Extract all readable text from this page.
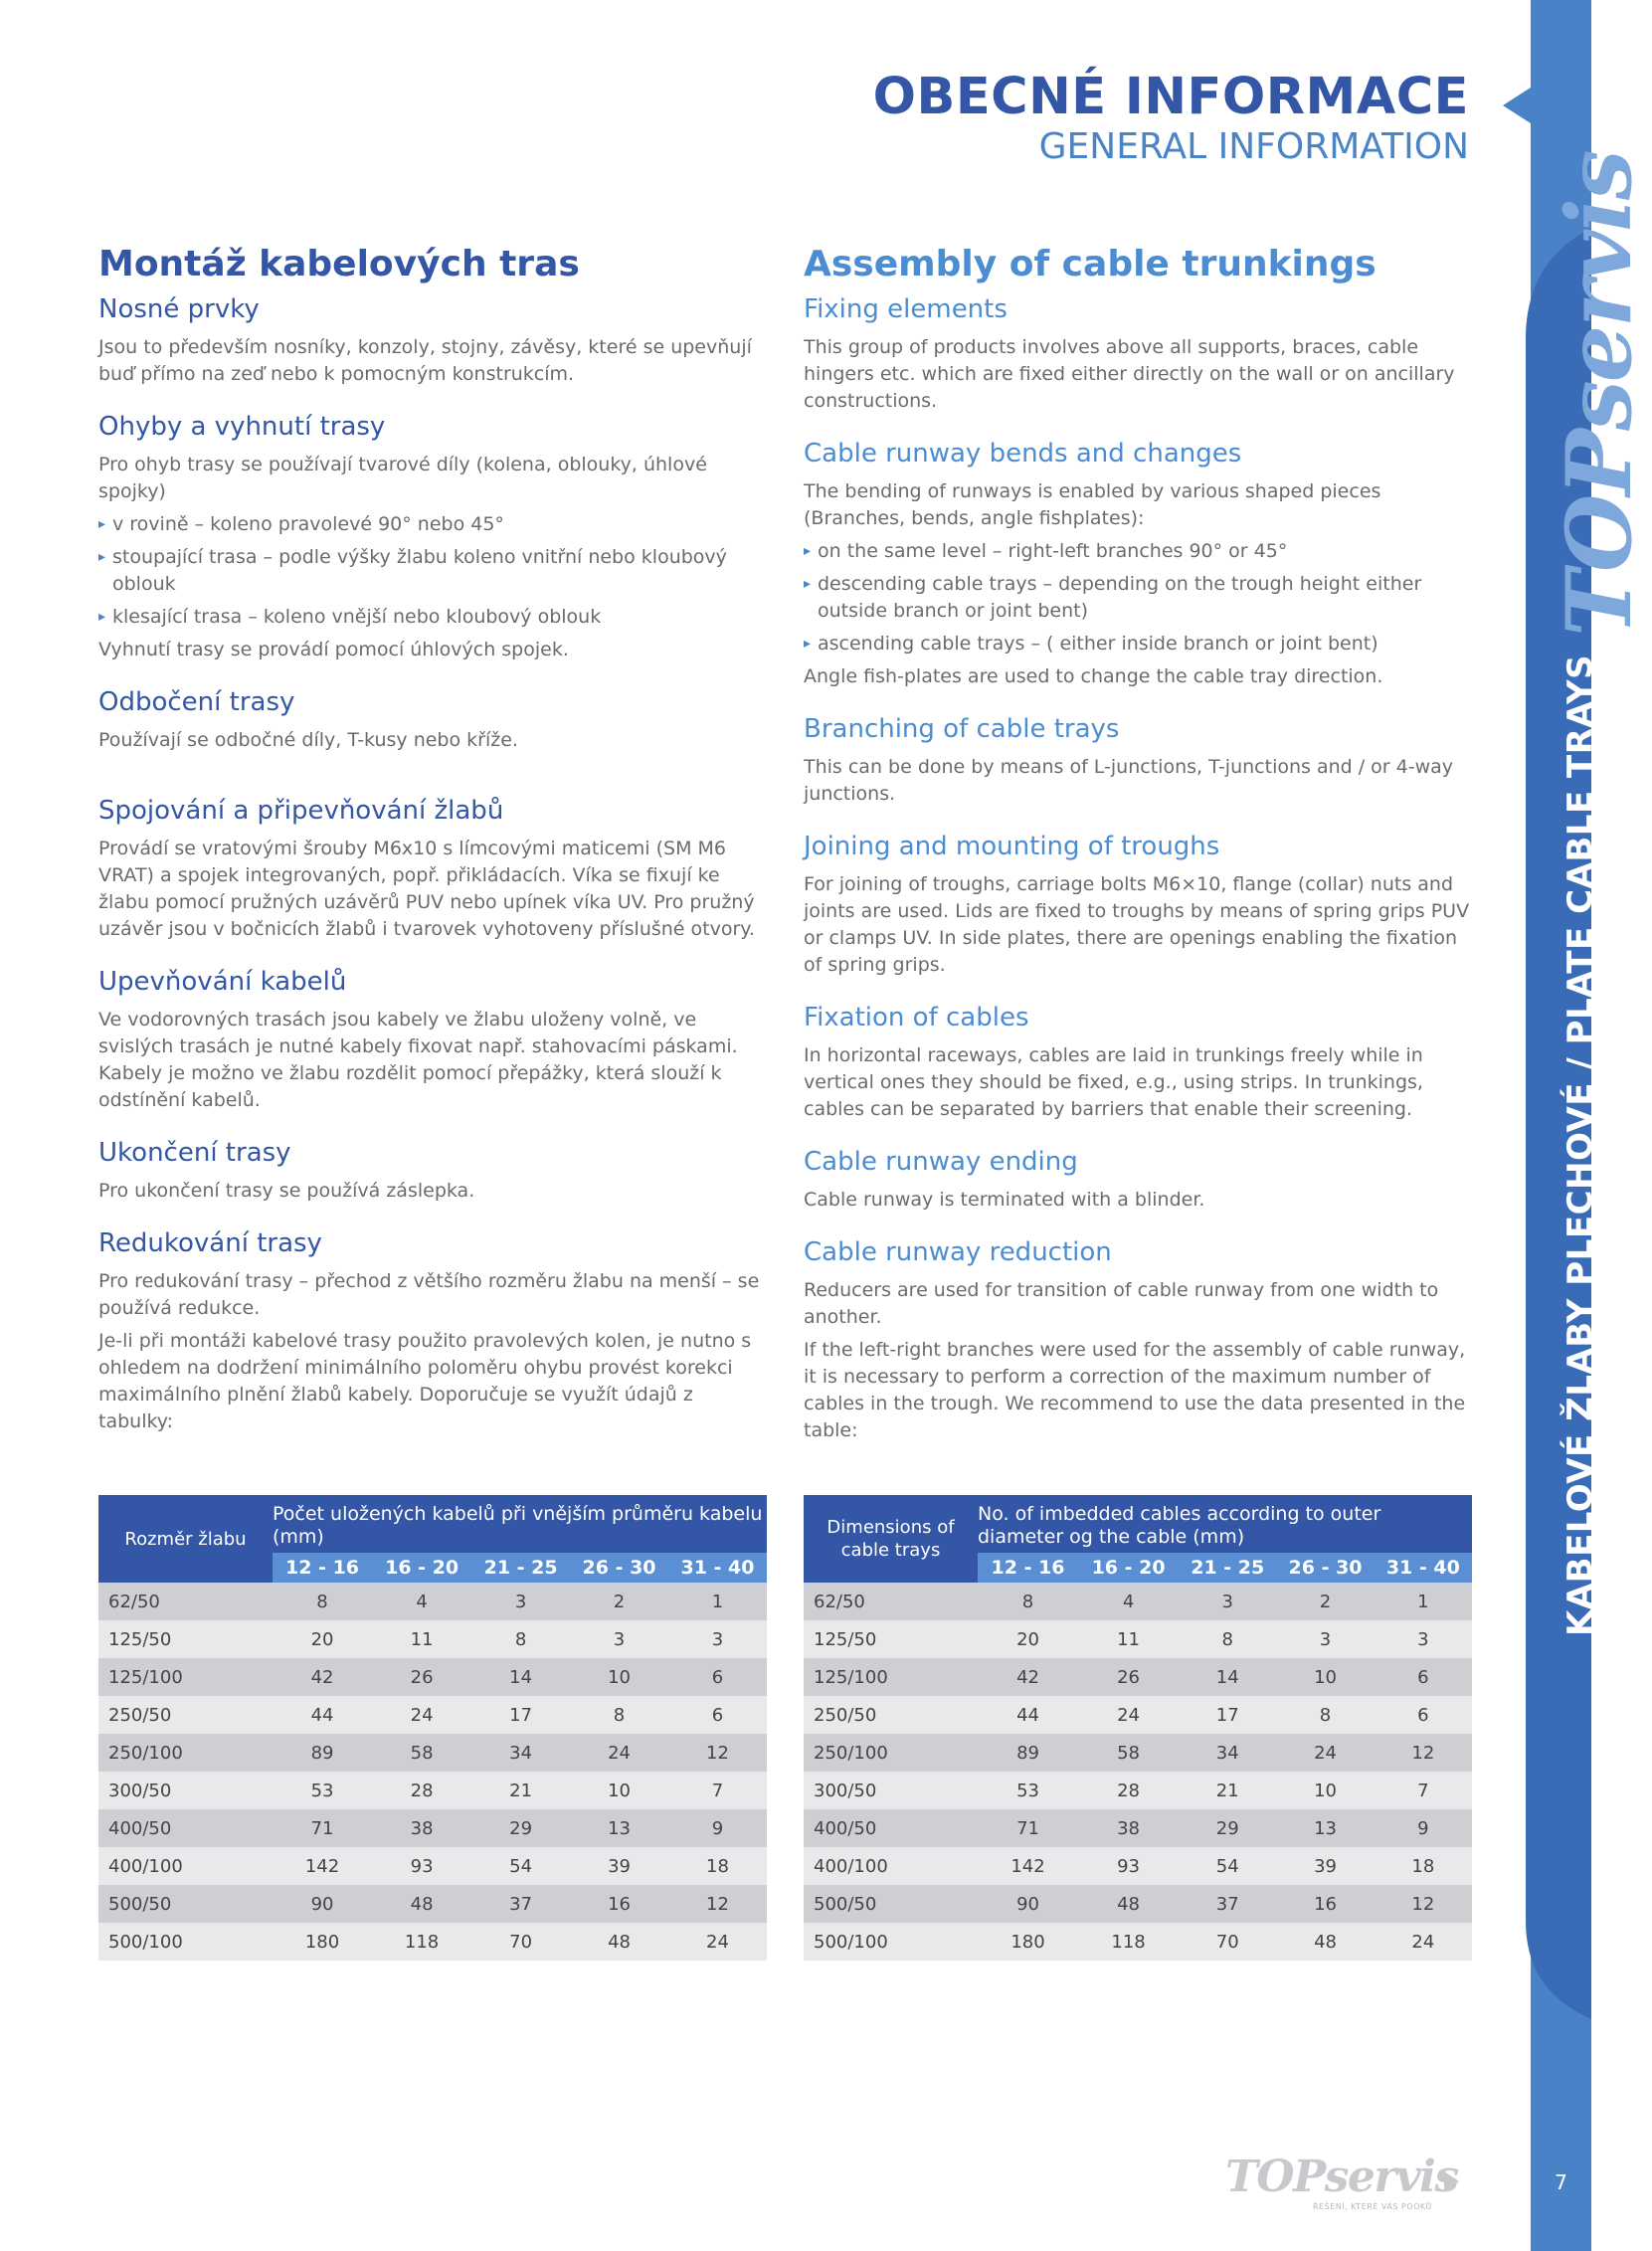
OBECNÉ INFORMACE
GENERAL INFORMATION
TOPservis
KABELOVÉ ŽLABY PLECHOVÉ / PLATE CABLE TRAYS
7
Montáž kabelových tras
Nosné prvky

Jsou to především nosníky, konzoly, stojny, závěsy, které se upevňují buď přímo na zeď nebo k pomocným konstrukcím.

Ohyby a vyhnutí trasy

Pro ohyb trasy se používají tvarové díly (kolena, oblouky, úhlové spojky)

▸ v rovině – koleno pravolevé 90° nebo 45°
▸ stoupající trasa – podle výšky žlabu koleno vnitřní nebo kloubový oblouk
▸ klesající trasa – koleno vnější nebo kloubový oblouk

Vyhnutí trasy se provádí pomocí úhlových spojek.

Odbočení trasy

Používají se odbočné díly, T-kusy nebo kříže.

Spojování a připevňování žlabů

Provádí se vratovými šrouby M6x10 s límcovými maticemi (SM M6 VRAT) a spojek integrovaných, popř. přikládacích. Víka se fixují ke žlabu pomocí pružných uzávěrů PUV nebo upínek víka UV. Pro pružný uzávěr jsou v bočnicích žlabů i tvarovek vyhotoveny příslušné otvory.

Upevňování kabelů

Ve vodorovných trasách jsou kabely ve žlabu uloženy volně, ve svislých trasách je nutné kabely fixovat např. stahovacími páskami. Kabely je možno ve žlabu rozdělit pomocí přepážky, která slouží k odstínění kabelů.

Ukončení trasy

Pro ukončení trasy se používá záslepka.

Redukování trasy

Pro redukování trasy – přechod z většího rozměru žlabu na menší – se používá redukce.

Je-li při montáži kabelové trasy použito pravolevých kolen, je nutno s ohledem na dodržení minimálního poloměru ohybu provést korekci maximálního plnění žlabů kabely. Doporučuje se využít údajů z tabulky:

Assembly of cable trunkings
Fixing elements

This group of products involves above all supports, braces, cable hingers etc. which are fixed either directly on the wall or on ancillary constructions.

Cable runway bends and changes

The bending of runways is enabled by various shaped pieces (Branches, bends, angle fishplates):

▸ on the same level – right-left branches 90° or 45°
▸ descending cable trays – depending on the trough height either outside branch or joint bent)
▸ ascending cable trays – ( either inside branch or joint bent)

Angle fish-plates are used to change the cable tray direction.

Branching of cable trays

This can be done by means of L-junctions, T-junctions and / or 4-way junctions.

Joining and mounting of troughs

For joining of troughs, carriage bolts M6×10, flange (collar) nuts and joints are used. Lids are fixed to troughs by means of spring grips PUV or clamps UV. In side plates, there are openings enabling the fixation of spring grips.

Fixation of cables

In horizontal raceways, cables are laid in trunkings freely while in vertical ones they should be fixed, e.g., using strips. In trunkings, cables can be separated by barriers that enable their screening.

Cable runway ending

Cable runway is terminated with a blinder.

Cable runway reduction

Reducers are used for transition of cable runway from one width to another.

If the left-right branches were used for the assembly of cable runway, it is necessary to perform a correction of the maximum number of cables in the trough. We recommend to use the data presented in the table:

Rozměr žlabu	Počet uložených kabelů při vnějším průměru kabelu (mm)				
	12 - 16	16 - 20	21 - 25	26 - 30	31 - 40
62/50	8	4	3	2	1
125/50	20	11	8	3	3
125/100	42	26	14	10	6
250/50	44	24	17	8	6
250/100	89	58	34	24	12
300/50	53	28	21	10	7
400/50	71	38	29	13	9
400/100	142	93	54	39	18
500/50	90	48	37	16	12
500/100	180	118	70	48	24
Dimensions of cable trays	No. of imbedded cables according to outer diameter og the cable (mm)				
	12 - 16	16 - 20	21 - 25	26 - 30	31 - 40
62/50	8	4	3	2	1
125/50	20	11	8	3	3
125/100	42	26	14	10	6
250/50	44	24	17	8	6
250/100	89	58	34	24	12
300/50	53	28	21	10	7
400/50	71	38	29	13	9
400/100	142	93	54	39	18
500/50	90	48	37	16	12
500/100	180	118	70	48	24
TOPservis
ŘEŠENÍ, KTERÉ VÁS POOKŮ
